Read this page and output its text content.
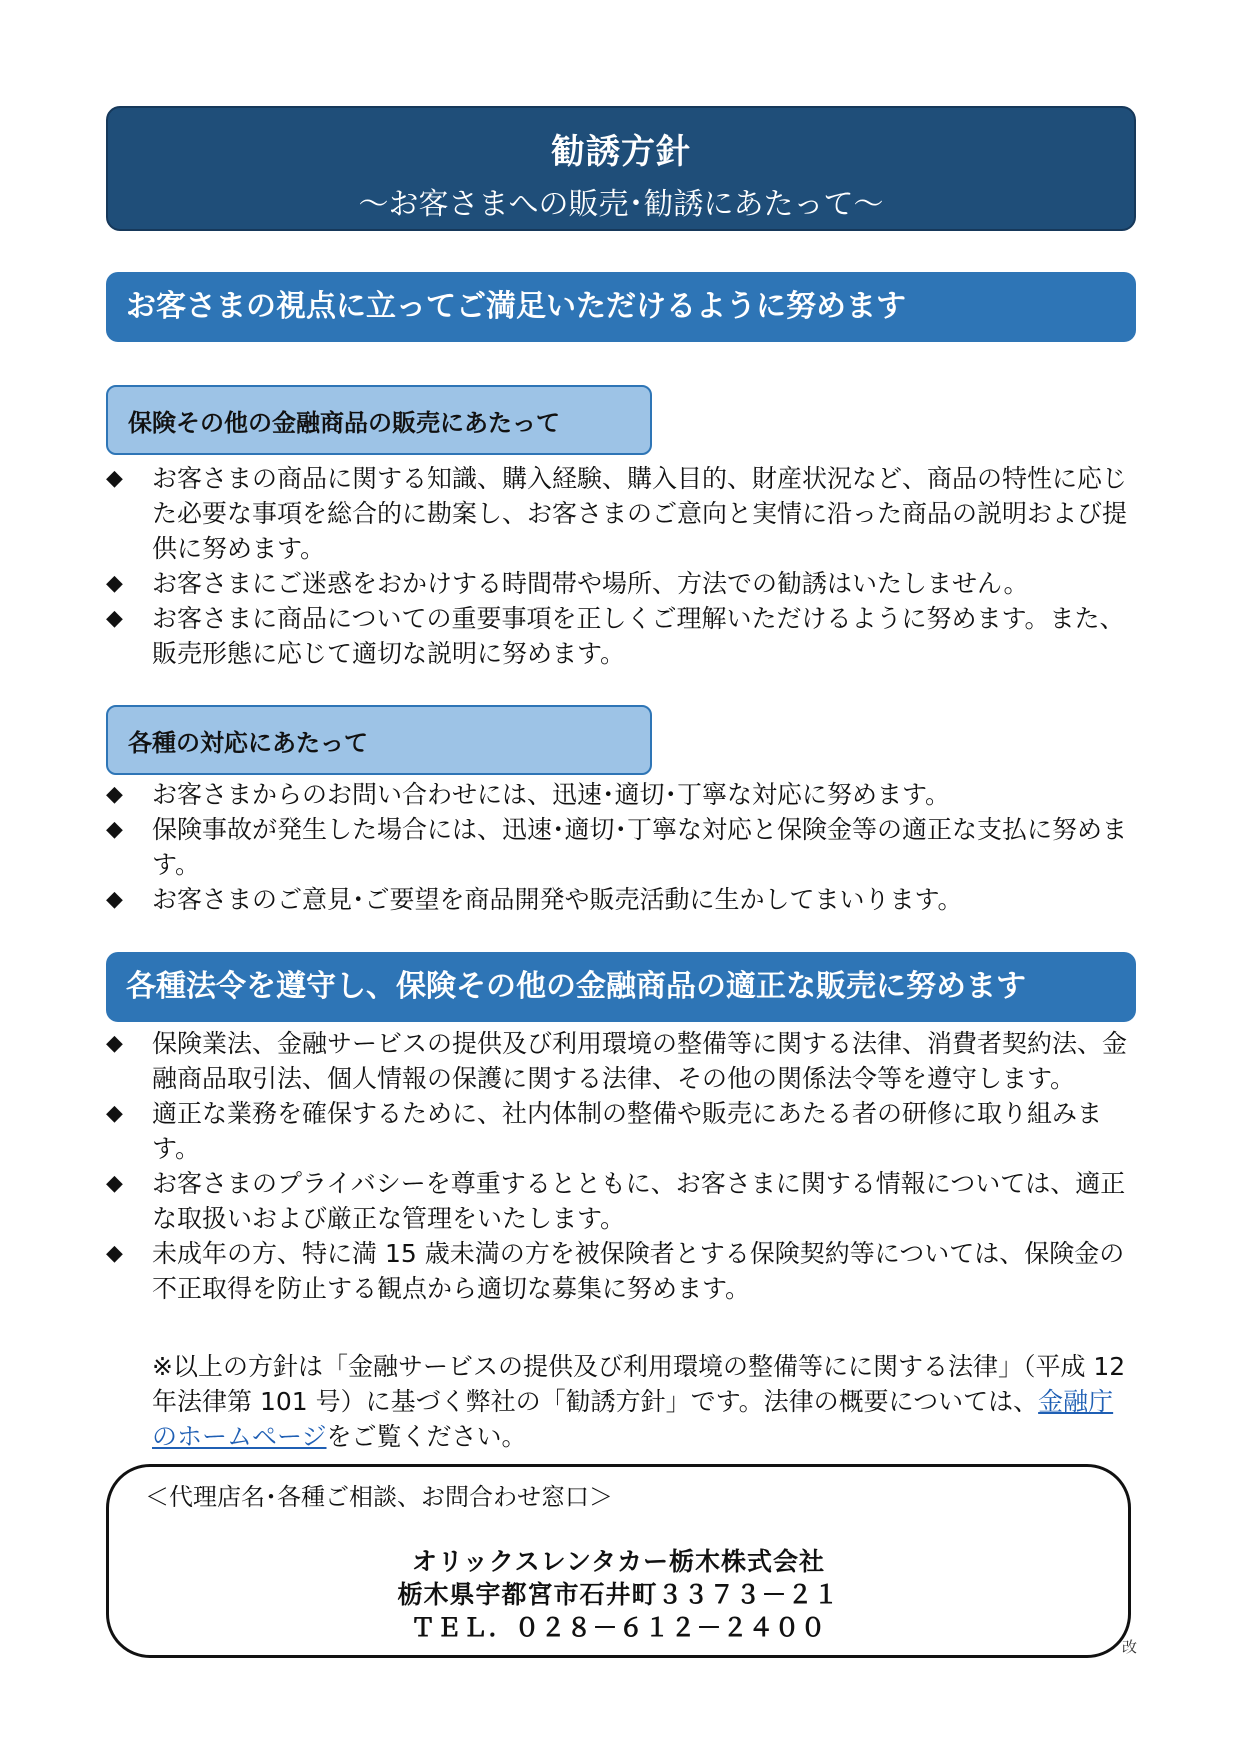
勧誘方針
～お客さまへの販売･勧誘にあたって～
お客さまの視点に立ってご満足いただけるように努めます
保険その他の金融商品の販売にあたって
◆ お客さまの商品に関する知識、購入経験、購入目的、財産状況など、商品の特性に応じた必要な事項を総合的に勘案し、お客さまのご意向と実情に沿った商品の説明および提供に努めます。
◆ お客さまにご迷惑をおかけする時間帯や場所、方法での勧誘はいたしません。
◆ お客さまに商品についての重要事項を正しくご理解いただけるように努めます。また、販売形態に応じて適切な説明に努めます。
各種の対応にあたって
◆ お客さまからのお問い合わせには、迅速･適切･丁寧な対応に努めます。
◆ 保険事故が発生した場合には、迅速･適切･丁寧な対応と保険金等の適正な支払に努めます。
◆ お客さまのご意見･ご要望を商品開発や販売活動に生かしてまいります。
各種法令を遵守し、保険その他の金融商品の適正な販売に努めます
◆ 保険業法、金融サービスの提供及び利用環境の整備等に関する法律、消費者契約法、金融商品取引法、個人情報の保護に関する法律、その他の関係法令等を遵守します。
◆ 適正な業務を確保するために、社内体制の整備や販売にあたる者の研修に取り組みます。
◆ お客さまのプライバシーを尊重するとともに、お客さまに関する情報については、適正な取扱いおよび厳正な管理をいたします。
◆ 未成年の方、特に満 15 歳未満の方を被保険者とする保険契約等については、保険金の不正取得を防止する観点から適切な募集に努めます。
※以上の方針は「金融サービスの提供及び利用環境の整備等にに関する法律」（平成 12 年法律第 101 号）に基づく弊社の「勧誘方針」です。法律の概要については、金融庁のホームページをご覧ください。
＜代理店名･各種ご相談、お問合わせ窓口＞
オリックスレンタカー栃木株式会社
栃木県宇都宮市石井町３３７３－２１
ＴＥＬ．０２８－６１２－２４００
改
